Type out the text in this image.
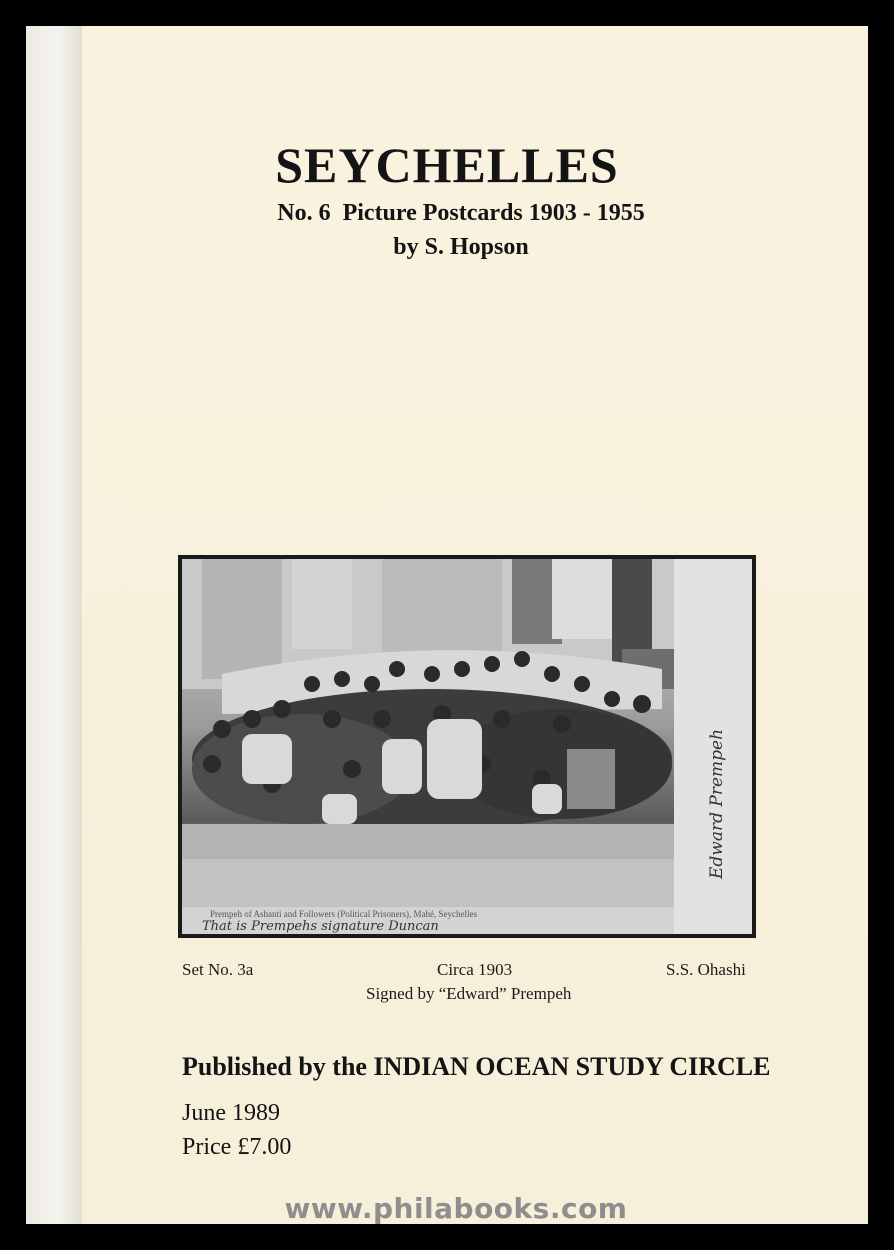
SEYCHELLES
No. 6  Picture Postcards 1903 - 1955
by S. Hopson
Prempeh of Ashanti and Followers (Political Prisoners), Mahé, Seychelles
That is Prempehs signature Duncan
Edward Prempeh
Set No. 3a	Circa 1903	S.S. Ohashi
Signed by “Edward” Prempeh
Published by the INDIAN OCEAN STUDY CIRCLE
June 1989
Price £7.00
www.philabooks.com
